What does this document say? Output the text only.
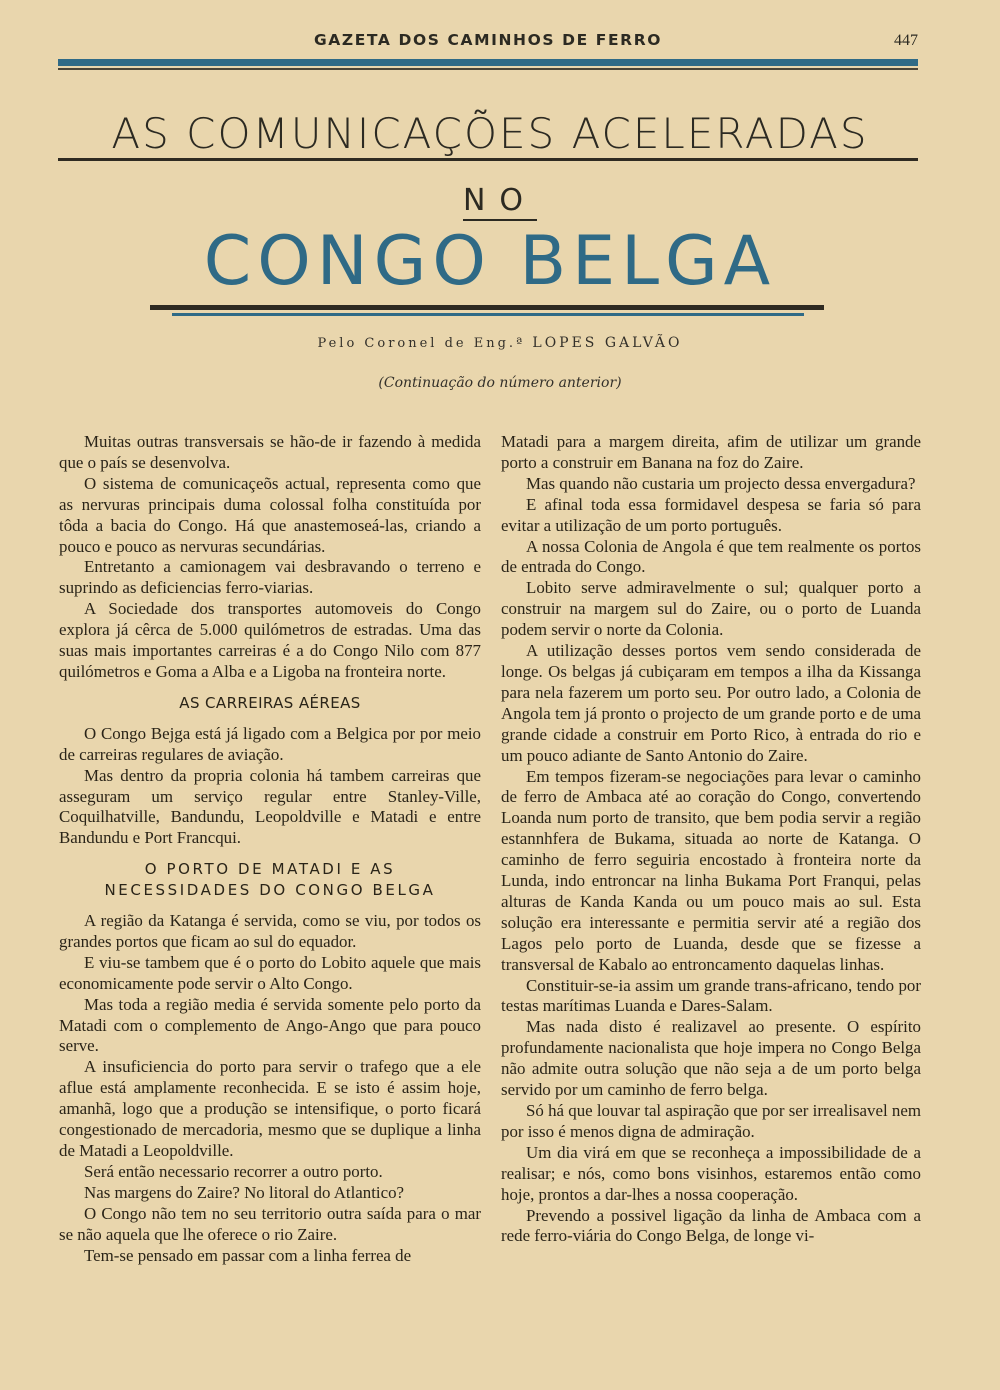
GAZETA DOS CAMINHOS DE FERRO	447
AS COMUNICAÇÕES ACELERADAS
NO
CONGO BELGA
Pelo Coronel de Eng.ª LOPES GALVÃO
(Continuação do número anterior)

Muitas outras transversais se hão-de ir fazendo à medida que o país se desenvolva.

O sistema de comunicaçeõs actual, representa como que as nervuras principais duma colossal folha constituída por tôda a bacia do Congo. Há que anastemoseá-las, criando a pouco e pouco as nervuras secundárias.

Entretanto a camionagem vai desbravando o terreno e suprindo as deficiencias ferro-viarias.

A Sociedade dos transportes automoveis do Congo explora já cêrca de 5.000 quilómetros de estradas. Uma das suas mais importantes carreiras é a do Congo Nilo com 877 quilómetros e Goma a Alba e a Ligoba na fronteira norte.

AS CARREIRAS AÉREAS

O Congo Bejga está já ligado com a Belgica por por meio de carreiras regulares de aviação.

Mas dentro da propria colonia há tambem carreiras que asseguram um serviço regular entre Stanley-Ville, Coquilhatville, Bandundu, Leopoldville e Matadi e entre Bandundu e Port Francqui.

O PORTO DE MATADI E AS
NECESSIDADES DO CONGO BELGA

A região da Katanga é servida, como se viu, por todos os grandes portos que ficam ao sul do equador.

E viu-se tambem que é o porto do Lobito aquele que mais economicamente pode servir o Alto Congo.

Mas toda a região media é servida somente pelo porto da Matadi com o complemento de Ango-Ango que para pouco serve.

A insuficiencia do porto para servir o trafego que a ele aflue está amplamente reconhecida. E se isto é assim hoje, amanhã, logo que a produção se intensifique, o porto ficará congestionado de mercadoria, mesmo que se duplique a linha de Matadi a Leopoldville.

Será então necessario recorrer a outro porto.

Nas margens do Zaire? No litoral do Atlantico?

O Congo não tem no seu territorio outra saída para o mar se não aquela que lhe oferece o rio Zaire.

Tem-se pensado em passar com a linha ferrea de

Matadi para a margem direita, afim de utilizar um grande porto a construir em Banana na foz do Zaire.

Mas quando não custaria um projecto dessa envergadura?

E afinal toda essa formidavel despesa se faria só para evitar a utilização de um porto português.

A nossa Colonia de Angola é que tem realmente os portos de entrada do Congo.

Lobito serve admiravelmente o sul; qualquer porto a construir na margem sul do Zaire, ou o porto de Luanda podem servir o norte da Colonia.

A utilização desses portos vem sendo considerada de longe. Os belgas já cubiçaram em tempos a ilha da Kissanga para nela fazerem um porto seu. Por outro lado, a Colonia de Angola tem já pronto o projecto de um grande porto e de uma grande cidade a construir em Porto Rico, à entrada do rio e um pouco adiante de Santo Antonio do Zaire.

Em tempos fizeram-se negociações para levar o caminho de ferro de Ambaca até ao coração do Congo, convertendo Loanda num porto de transito, que bem podia servir a região estannhfera de Bukama, situada ao norte de Katanga. O caminho de ferro seguiria encostado à fronteira norte da Lunda, indo entroncar na linha Bukama Port Franqui, pelas alturas de Kanda Kanda ou um pouco mais ao sul. Esta solução era interessante e permitia servir até a região dos Lagos pelo porto de Luanda, desde que se fizesse a transversal de Kabalo ao entroncamento daquelas linhas.

Constituir-se-ia assim um grande trans-africano, tendo por testas marítimas Luanda e Dares-Salam.

Mas nada disto é realizavel ao presente. O espírito profundamente nacionalista que hoje impera no Congo Belga não admite outra solução que não seja a de um porto belga servido por um caminho de ferro belga.

Só há que louvar tal aspiração que por ser irrealisavel nem por isso é menos digna de admiração.

Um dia virá em que se reconheça a impossibilidade de a realisar; e nós, como bons visinhos, estaremos então como hoje, prontos a dar-lhes a nossa cooperação.

Prevendo a possivel ligação da linha de Ambaca com a rede ferro-viária do Congo Belga, de longe vi-
